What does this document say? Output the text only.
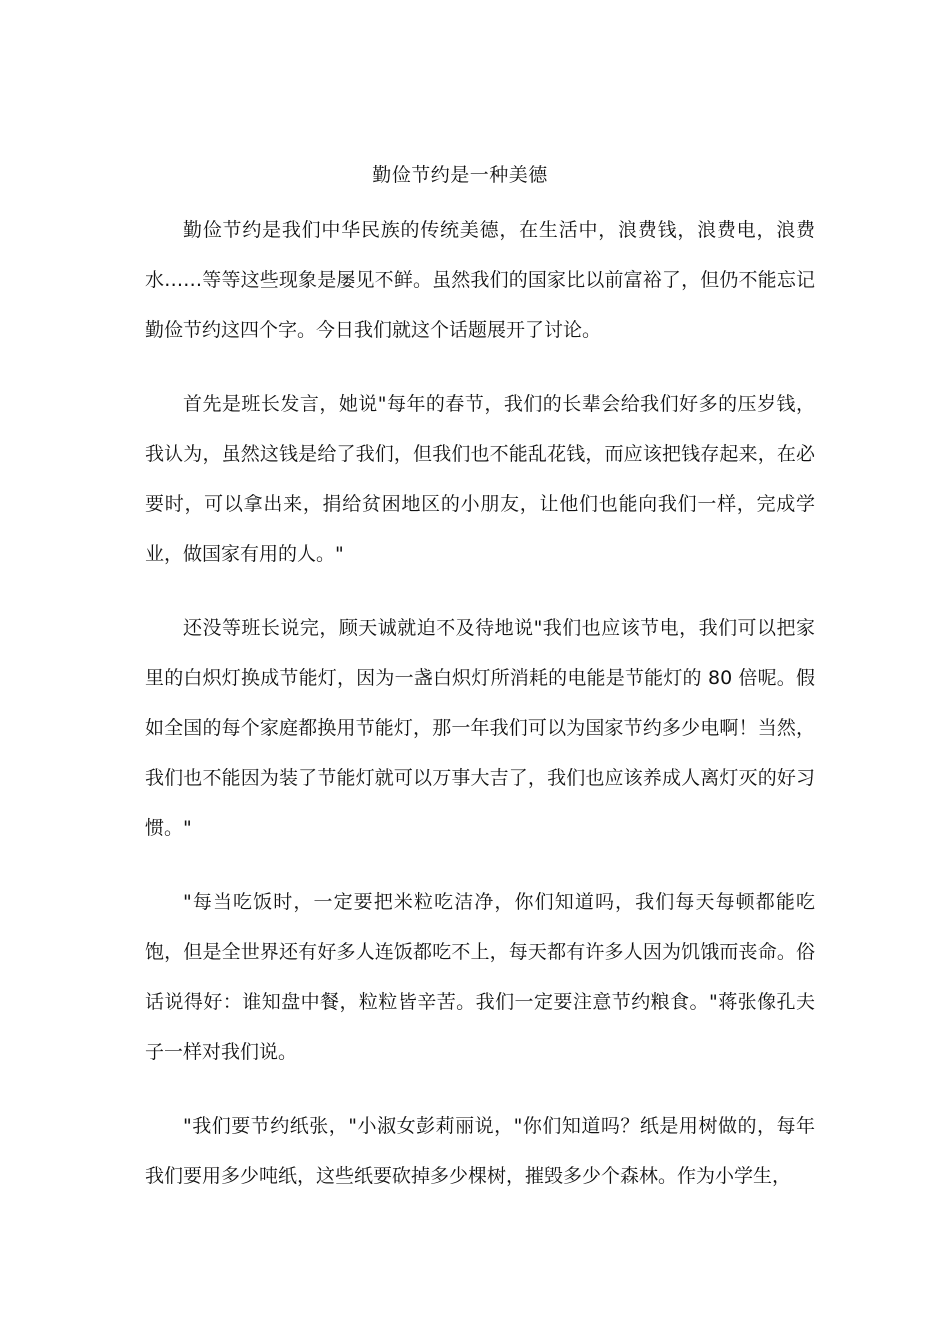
勤俭节约是一种美德

勤俭节约是我们中华民族的传统美德，在生活中，浪费钱，浪费电，浪费水……等等这些现象是屡见不鲜。虽然我们的国家比以前富裕了，但仍不能忘记勤俭节约这四个字。今日我们就这个话题展开了讨论。

首先是班长发言，她说"每年的春节，我们的长辈会给我们好多的压岁钱，我认为，虽然这钱是给了我们，但我们也不能乱花钱，而应该把钱存起来，在必要时，可以拿出来，捐给贫困地区的小朋友，让他们也能向我们一样，完成学业，做国家有用的人。"

还没等班长说完，顾天诚就迫不及待地说"我们也应该节电，我们可以把家里的白炽灯换成节能灯，因为一盏白炽灯所消耗的电能是节能灯的 80 倍呢。假如全国的每个家庭都换用节能灯，那一年我们可以为国家节约多少电啊！当然，我们也不能因为装了节能灯就可以万事大吉了，我们也应该养成人离灯灭的好习惯。"

"每当吃饭时，一定要把米粒吃洁净，你们知道吗，我们每天每顿都能吃饱，但是全世界还有好多人连饭都吃不上，每天都有许多人因为饥饿而丧命。俗话说得好：谁知盘中餐，粒粒皆辛苦。我们一定要注意节约粮食。"蒋张像孔夫子一样对我们说。

"我们要节约纸张，"小淑女彭莉丽说，"你们知道吗？纸是用树做的，每年我们要用多少吨纸，这些纸要砍掉多少棵树，摧毁多少个森林。作为小学生，
